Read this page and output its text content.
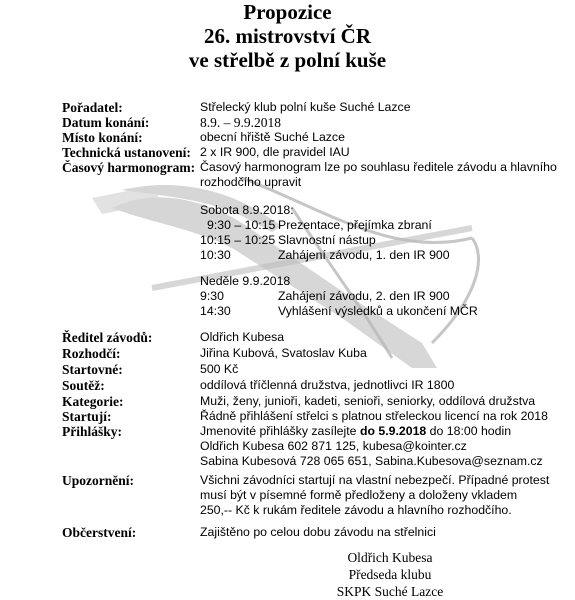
Propozice
26. mistrovství ČR
ve střelbě z polní kuše
Pořadatel:	Střelecký klub polní kuše Suché Lazce
Datum konání:	8.9. – 9.9.2018
Místo konání:	obecní hřiště Suché Lazce
Technická ustanovení: 2 x IR 900, dle pravidel IAU
Časový harmonogram: Časový harmonogram lze po souhlasu ředitele závodu a hlavního
rozhodčího upravit
Sobota 8.9.2018:
9:30 – 10:15 Prezentace, přejímka zbraní
10:15 – 10:25 Slavnostní nástup
10:30	Zahájení závodu, 1. den IR 900
Neděle 9.9.2018
9:30	Zahájení závodu, 2. den IR 900
14:30	Vyhlášení výsledků a ukončení MČR
Ředitel závodů:	Oldřich Kubesa
Rozhodčí:	Jiřina Kubová, Svatoslav Kuba
Startovné:	500 Kč
Soutěž:	oddílová tříčlenná družstva, jednotlivci IR 1800
Kategorie:	Muži, ženy, junioři, kadeti, senioři, seniorky, oddílová družstva
Startují:	Řádně přihlášení střelci s platnou střeleckou licencí na rok 2018
Přihlášky:	Jmenovité přihlášky zasílejte do 5.9.2018 do 18:00 hodin
Oldřich Kubesa 602 871 125, kubesa@kointer.cz
Sabina Kubesová 728 065 651, Sabina.Kubesova@seznam.cz
Upozornění:	Všichni závodníci startují na vlastní nebezpečí. Případné protest
musí být v písemné formě předloženy a doloženy vkladem
250,-- Kč k rukám ředitele závodu a hlavního rozhodčího.
Občerstvení:	Zajištěno po celou dobu závodu na střelnici
Oldřich Kubesa
Předseda klubu
SKPK Suché Lazce
